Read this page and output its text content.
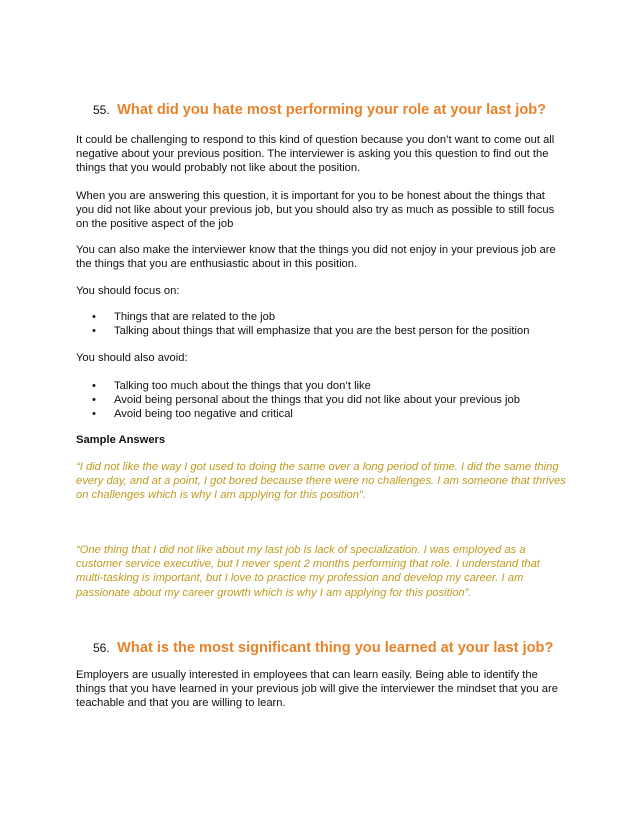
55. What did you hate most performing your role at your last job?

It could be challenging to respond to this kind of question because you don’t want to come out all negative about your previous position. The interviewer is asking you this question to find out the things that you would probably not like about the position.

When you are answering this question, it is important for you to be honest about the things that you did not like about your previous job, but you should also try as much as possible to still focus on the positive aspect of the job

You can also make the interviewer know that the things you did not enjoy in your previous job are the things that you are enthusiastic about in this position.

You should focus on:

• Things that are related to the job
• Talking about things that will emphasize that you are the best person for the position

You should also avoid:

• Talking too much about the things that you don’t like
• Avoid being personal about the things that you did not like about your previous job
• Avoid being too negative and critical
Sample Answers

“I did not like the way I got used to doing the same over a long period of time. I did the same thing every day, and at a point, I got bored because there were no challenges. I am someone that thrives on challenges which is why I am applying for this position”.

“One thing that I did not like about my last job is lack of specialization. I was employed as a customer service executive, but I never spent 2 months performing that role. I understand that multi-tasking is important, but I love to practice my profession and develop my career. I am passionate about my career growth which is why I am applying for this position”.

56. What is the most significant thing you learned at your last job?

Employers are usually interested in employees that can learn easily. Being able to identify the things that you have learned in your previous job will give the interviewer the mindset that you are teachable and that you are willing to learn.
